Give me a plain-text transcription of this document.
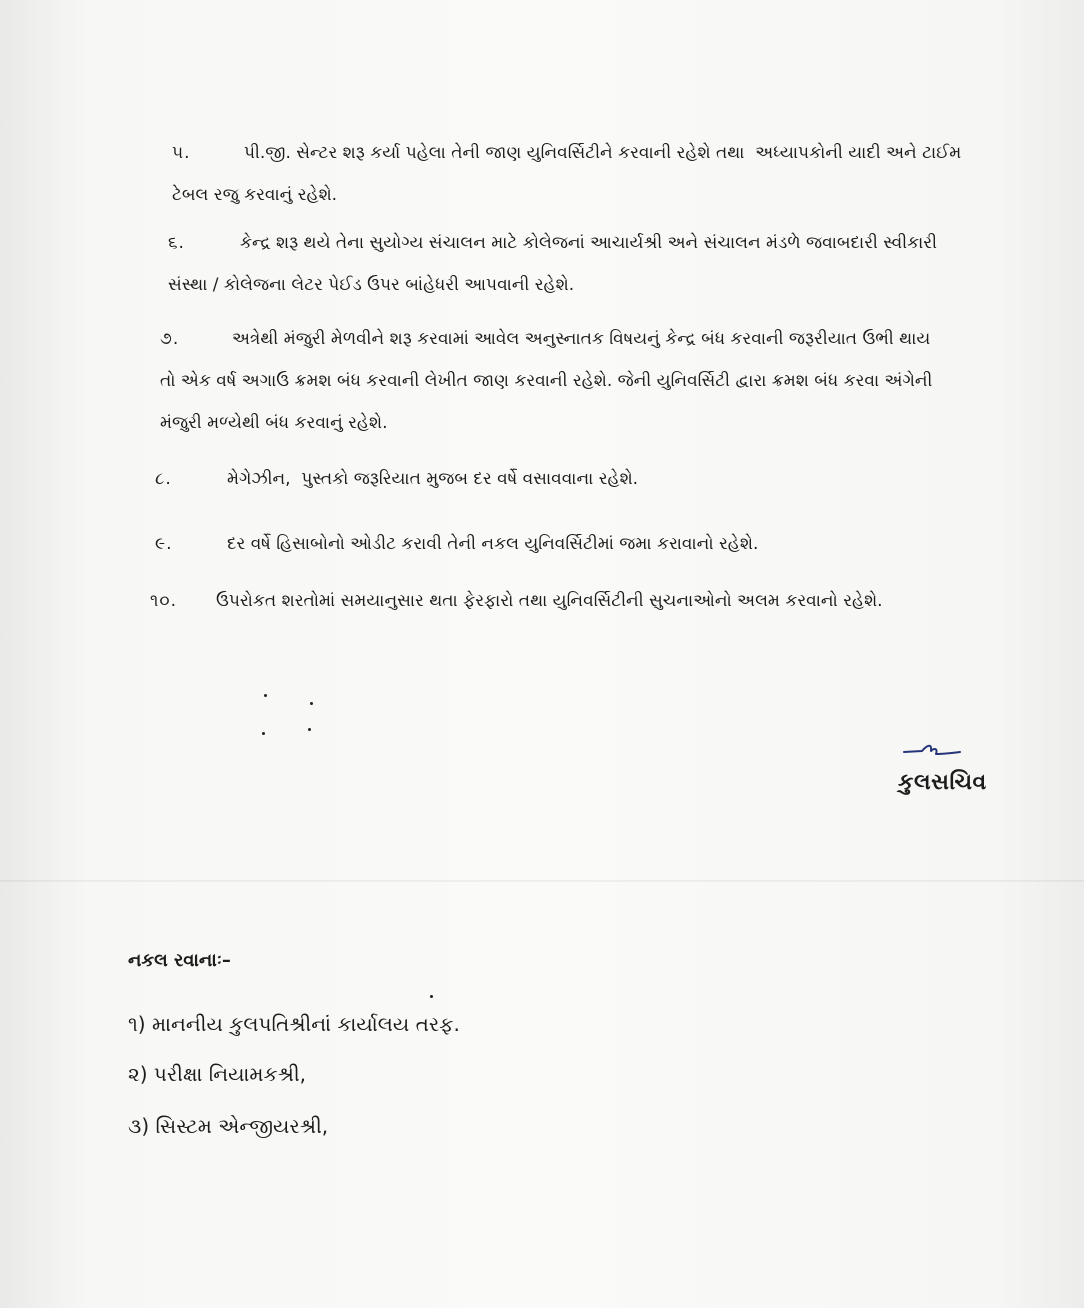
૫.	પી.જી. સેન્ટર શરૂ કર્યા પહેલા તેની જાણ યુનિવર્સિટીને કરવાની રહેશે તથા  અધ્યાપકોની યાદી અને ટાઈમ
ટેબલ રજુ કરવાનું રહેશે.
૬.	કેન્દ્ર શરૂ થયે તેના સુયોગ્ય સંચાલન માટે કોલેજનાં આચાર્યશ્રી અને સંચાલન મંડળે જવાબદારી સ્વીકારી
સંસ્થા / કોલેજના લેટર પેઈડ ઉપર બાંહેધરી આપવાની રહેશે.
૭.	અત્રેથી મંજુરી મેળવીને શરૂ કરવામાં આવેલ અનુસ્નાતક વિષયનું કેન્દ્ર બંધ કરવાની જરૂરીયાત ઉભી થાય
તો એક વર્ષ અગાઉ ક્રમશ બંધ કરવાની લેખીત જાણ કરવાની રહેશે. જેની યુનિવર્સિટી દ્વારા ક્રમશ બંધ કરવા અંગેની
મંજુરી મળ્યેથી બંધ કરવાનું રહેશે.
૮.	મેગેઝીન,  પુસ્તકો જરૂરિયાત મુજબ દર વર્ષે વસાવવાના રહેશે.
૯.	દર વર્ષે હિસાબોનો ઓડીટ કરાવી તેની નકલ યુનિવર્સિટીમાં જમા કરાવાનો રહેશે.
૧૦. ઉપરોકત શરતોમાં સમયાનુસાર થતા ફેરફારો તથા યુનિવર્સિટીની સુચનાઓનો અલમ કરવાનો રહેશે.
કુલસચિવ
નકલ રવાનાઃ–
૧) માનનીય કુલપતિશ્રીનાં કાર્યાલય તરફ.
૨) પરીક્ષા નિયામકશ્રી,
૩) સિસ્ટમ એન્જીયરશ્રી,
